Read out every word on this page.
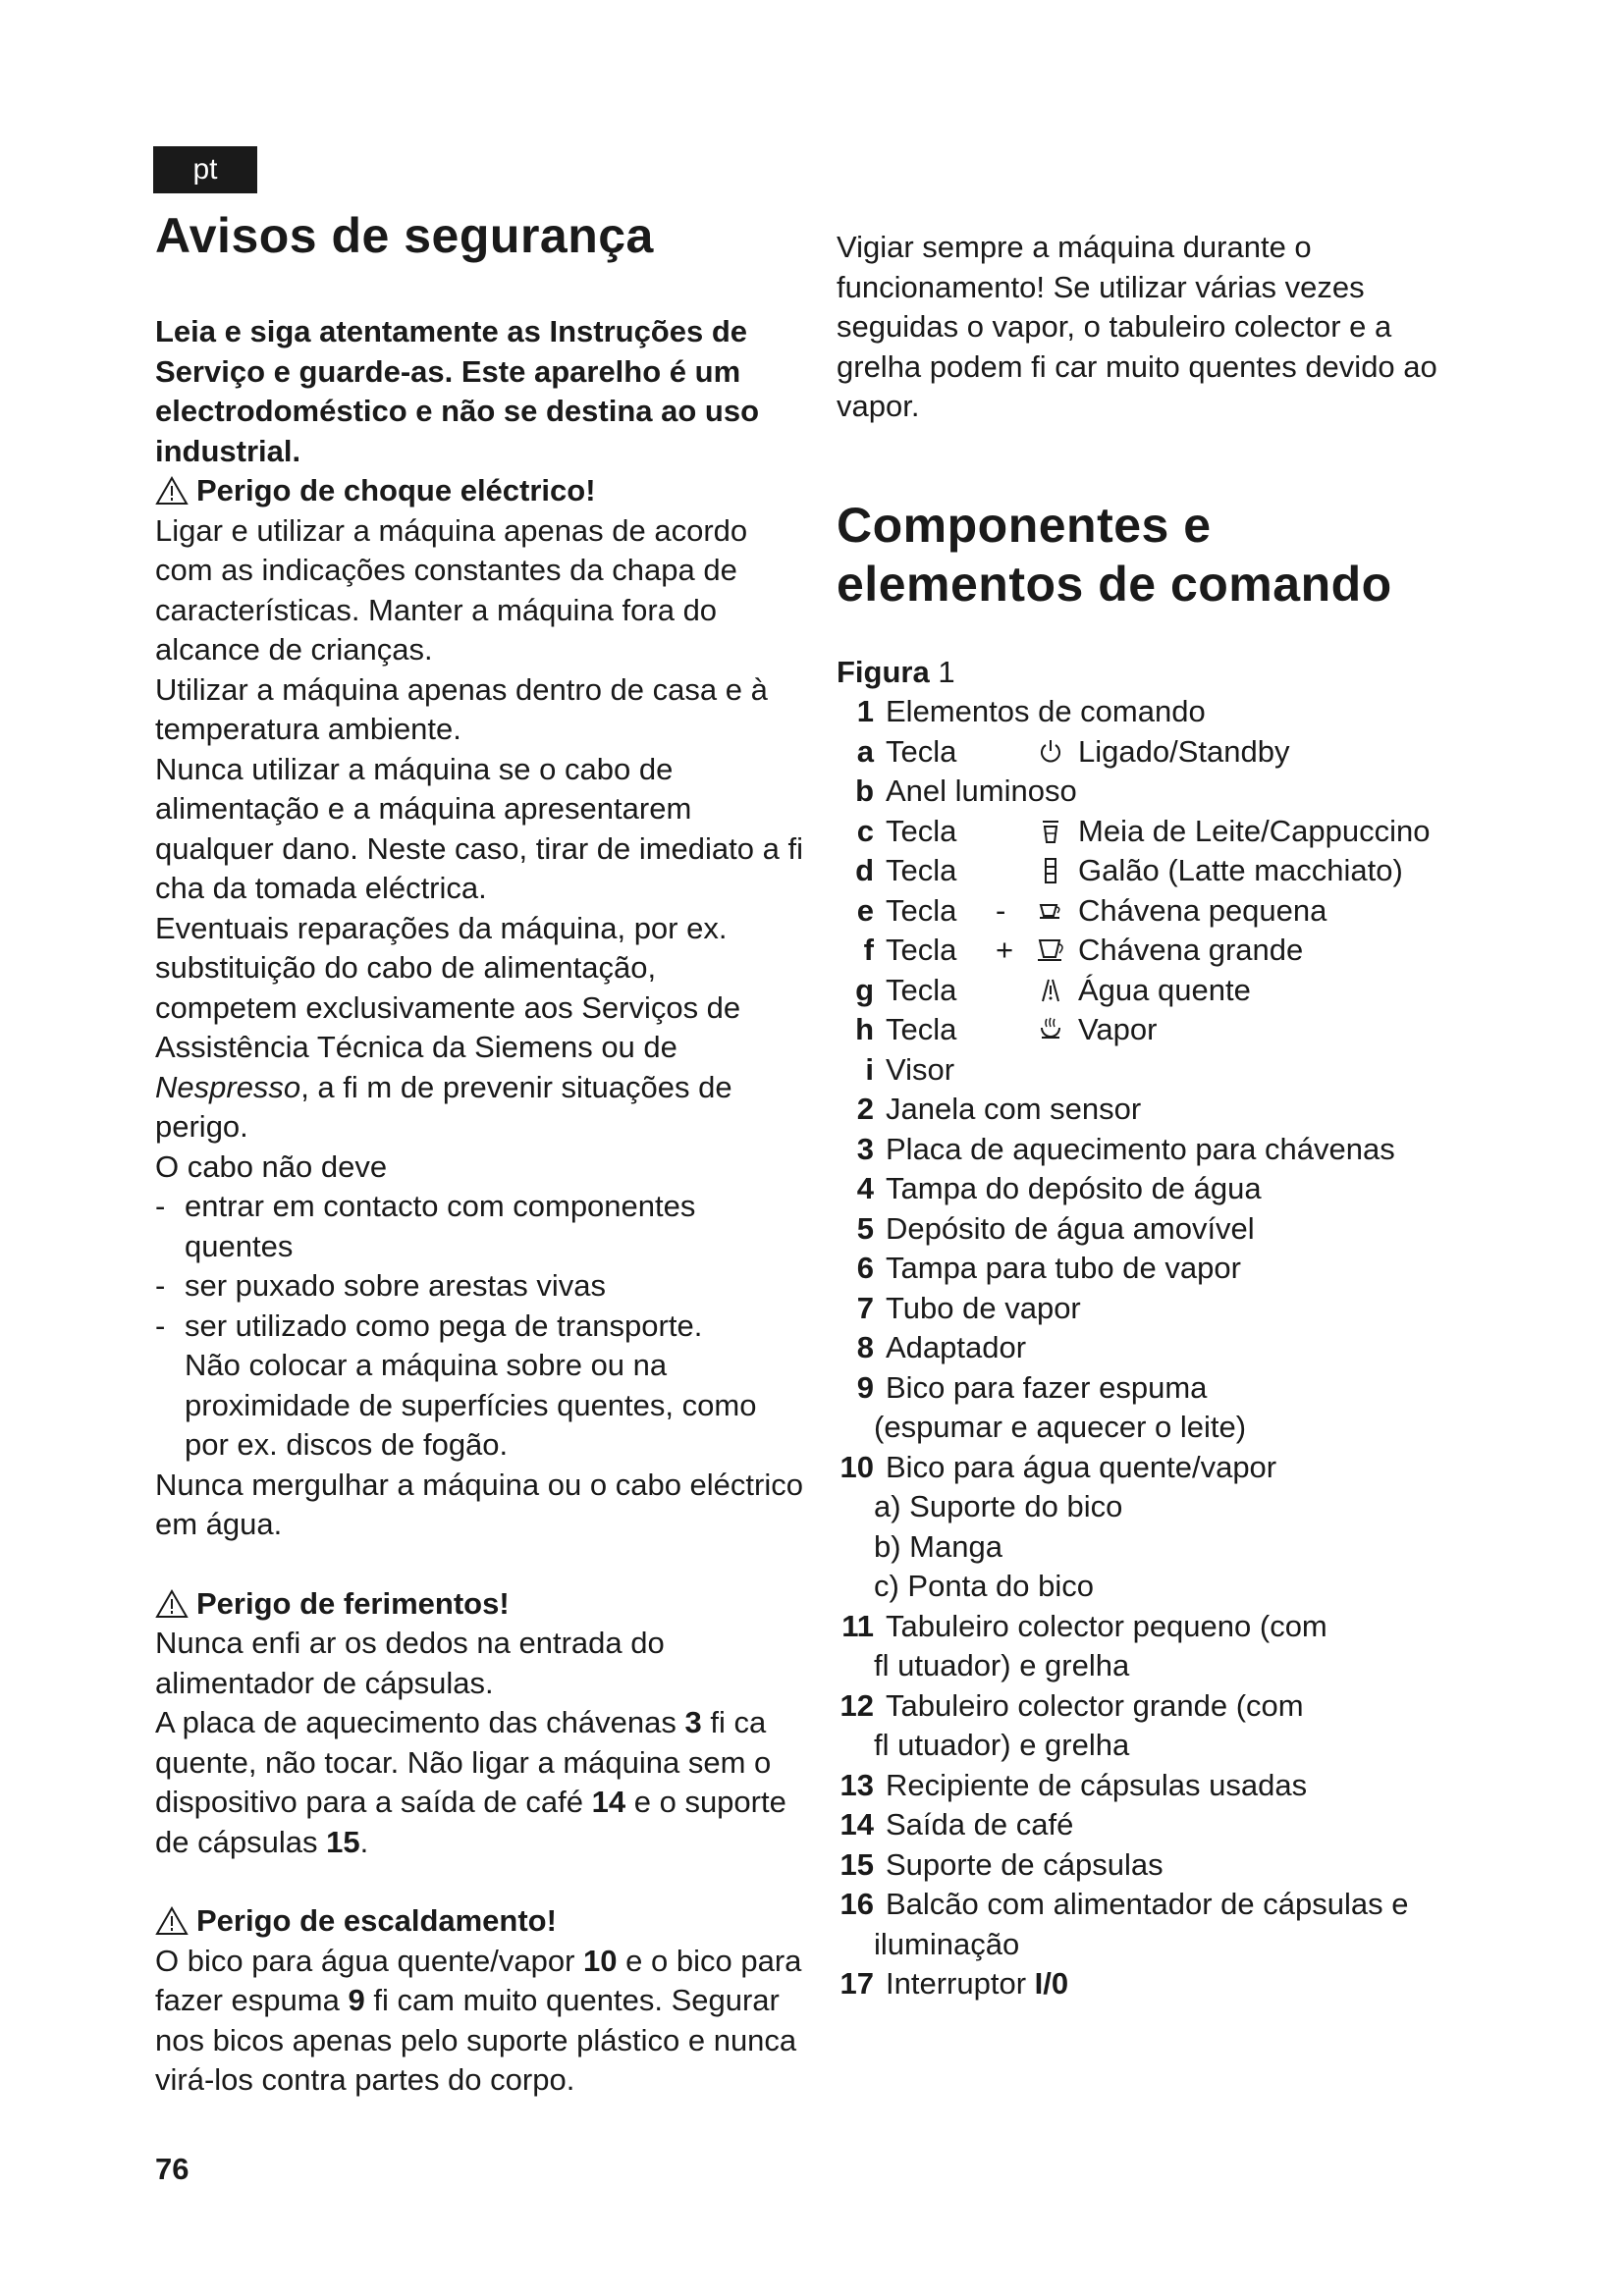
pt
Avisos de segurança

Leia e siga atentamente as Instruções de Serviço e guarde-as. Este aparelho é um electrodoméstico e não se destina ao uso industrial.

Perigo de choque eléctrico!

Ligar e utilizar a máquina apenas de acordo com as indicações constantes da chapa de características. Manter a máquina fora do alcance de crianças.

Utilizar a máquina apenas dentro de casa e à temperatura ambiente.

Nunca utilizar a máquina se o cabo de alimentação e a máquina apresentarem qualquer dano. Neste caso, tirar de imediato a fi cha da tomada eléctrica.

Eventuais reparações da máquina, por ex. substituição do cabo de alimentação, competem exclusivamente aos Serviços de Assistência Técnica da Siemens ou de Nespresso, a fi m de prevenir situações de perigo.

O cabo não deve

- entrar em contacto com componentes quentes
- ser puxado sobre arestas vivas
- ser utilizado como pega de transporte.

Não colocar a máquina sobre ou na proximidade de superfícies quentes, como por ex. discos de fogão.

Nunca mergulhar a máquina ou o cabo eléctrico em água.

Perigo de ferimentos!

Nunca enfi ar os dedos na entrada do alimentador de cápsulas.

A placa de aquecimento das chávenas 3 fi ca quente, não tocar. Não ligar a máquina sem o dispositivo para a saída de café 14 e o suporte de cápsulas 15.

Perigo de escaldamento!

O bico para água quente/vapor 10 e o bico para fazer espuma 9 fi cam muito quentes. Segurar nos bicos apenas pelo suporte plástico e nunca virá-los contra partes do corpo.

Vigiar sempre a máquina durante o funcionamento! Se utilizar várias vezes seguidas o vapor, o tabuleiro colector e a grelha podem fi car muito quentes devido ao vapor.

Componentes e
elementos de comando
Figura 1
1 Elementos de comando
a Tecla	Ligado/Standby
b Anel luminoso
c Tecla	Meia de Leite/Cappuccino
d Tecla	Galão (Latte macchiato)
e Tecla	-	Chávena pequena
f Tecla	+	Chávena grande
g Tecla	Água quente
h Tecla	Vapor
i Visor
2 Janela com sensor
3 Placa de aquecimento para chávenas
4 Tampa do depósito de água
5 Depósito de água amovível
6 Tampa para tubo de vapor
7 Tubo de vapor
8 Adaptador
9 Bico para fazer espuma
(espumar e aquecer o leite)
10 Bico para água quente/vapor
a) Suporte do bico
b) Manga
c) Ponta do bico
11 Tabuleiro colector pequeno (com
fl utuador) e grelha
12 Tabuleiro colector grande (com
fl utuador) e grelha
13 Recipiente de cápsulas usadas
14 Saída de café
15 Suporte de cápsulas
16 Balcão com alimentador de cápsulas e
iluminação
17 Interruptor
I/0
76
